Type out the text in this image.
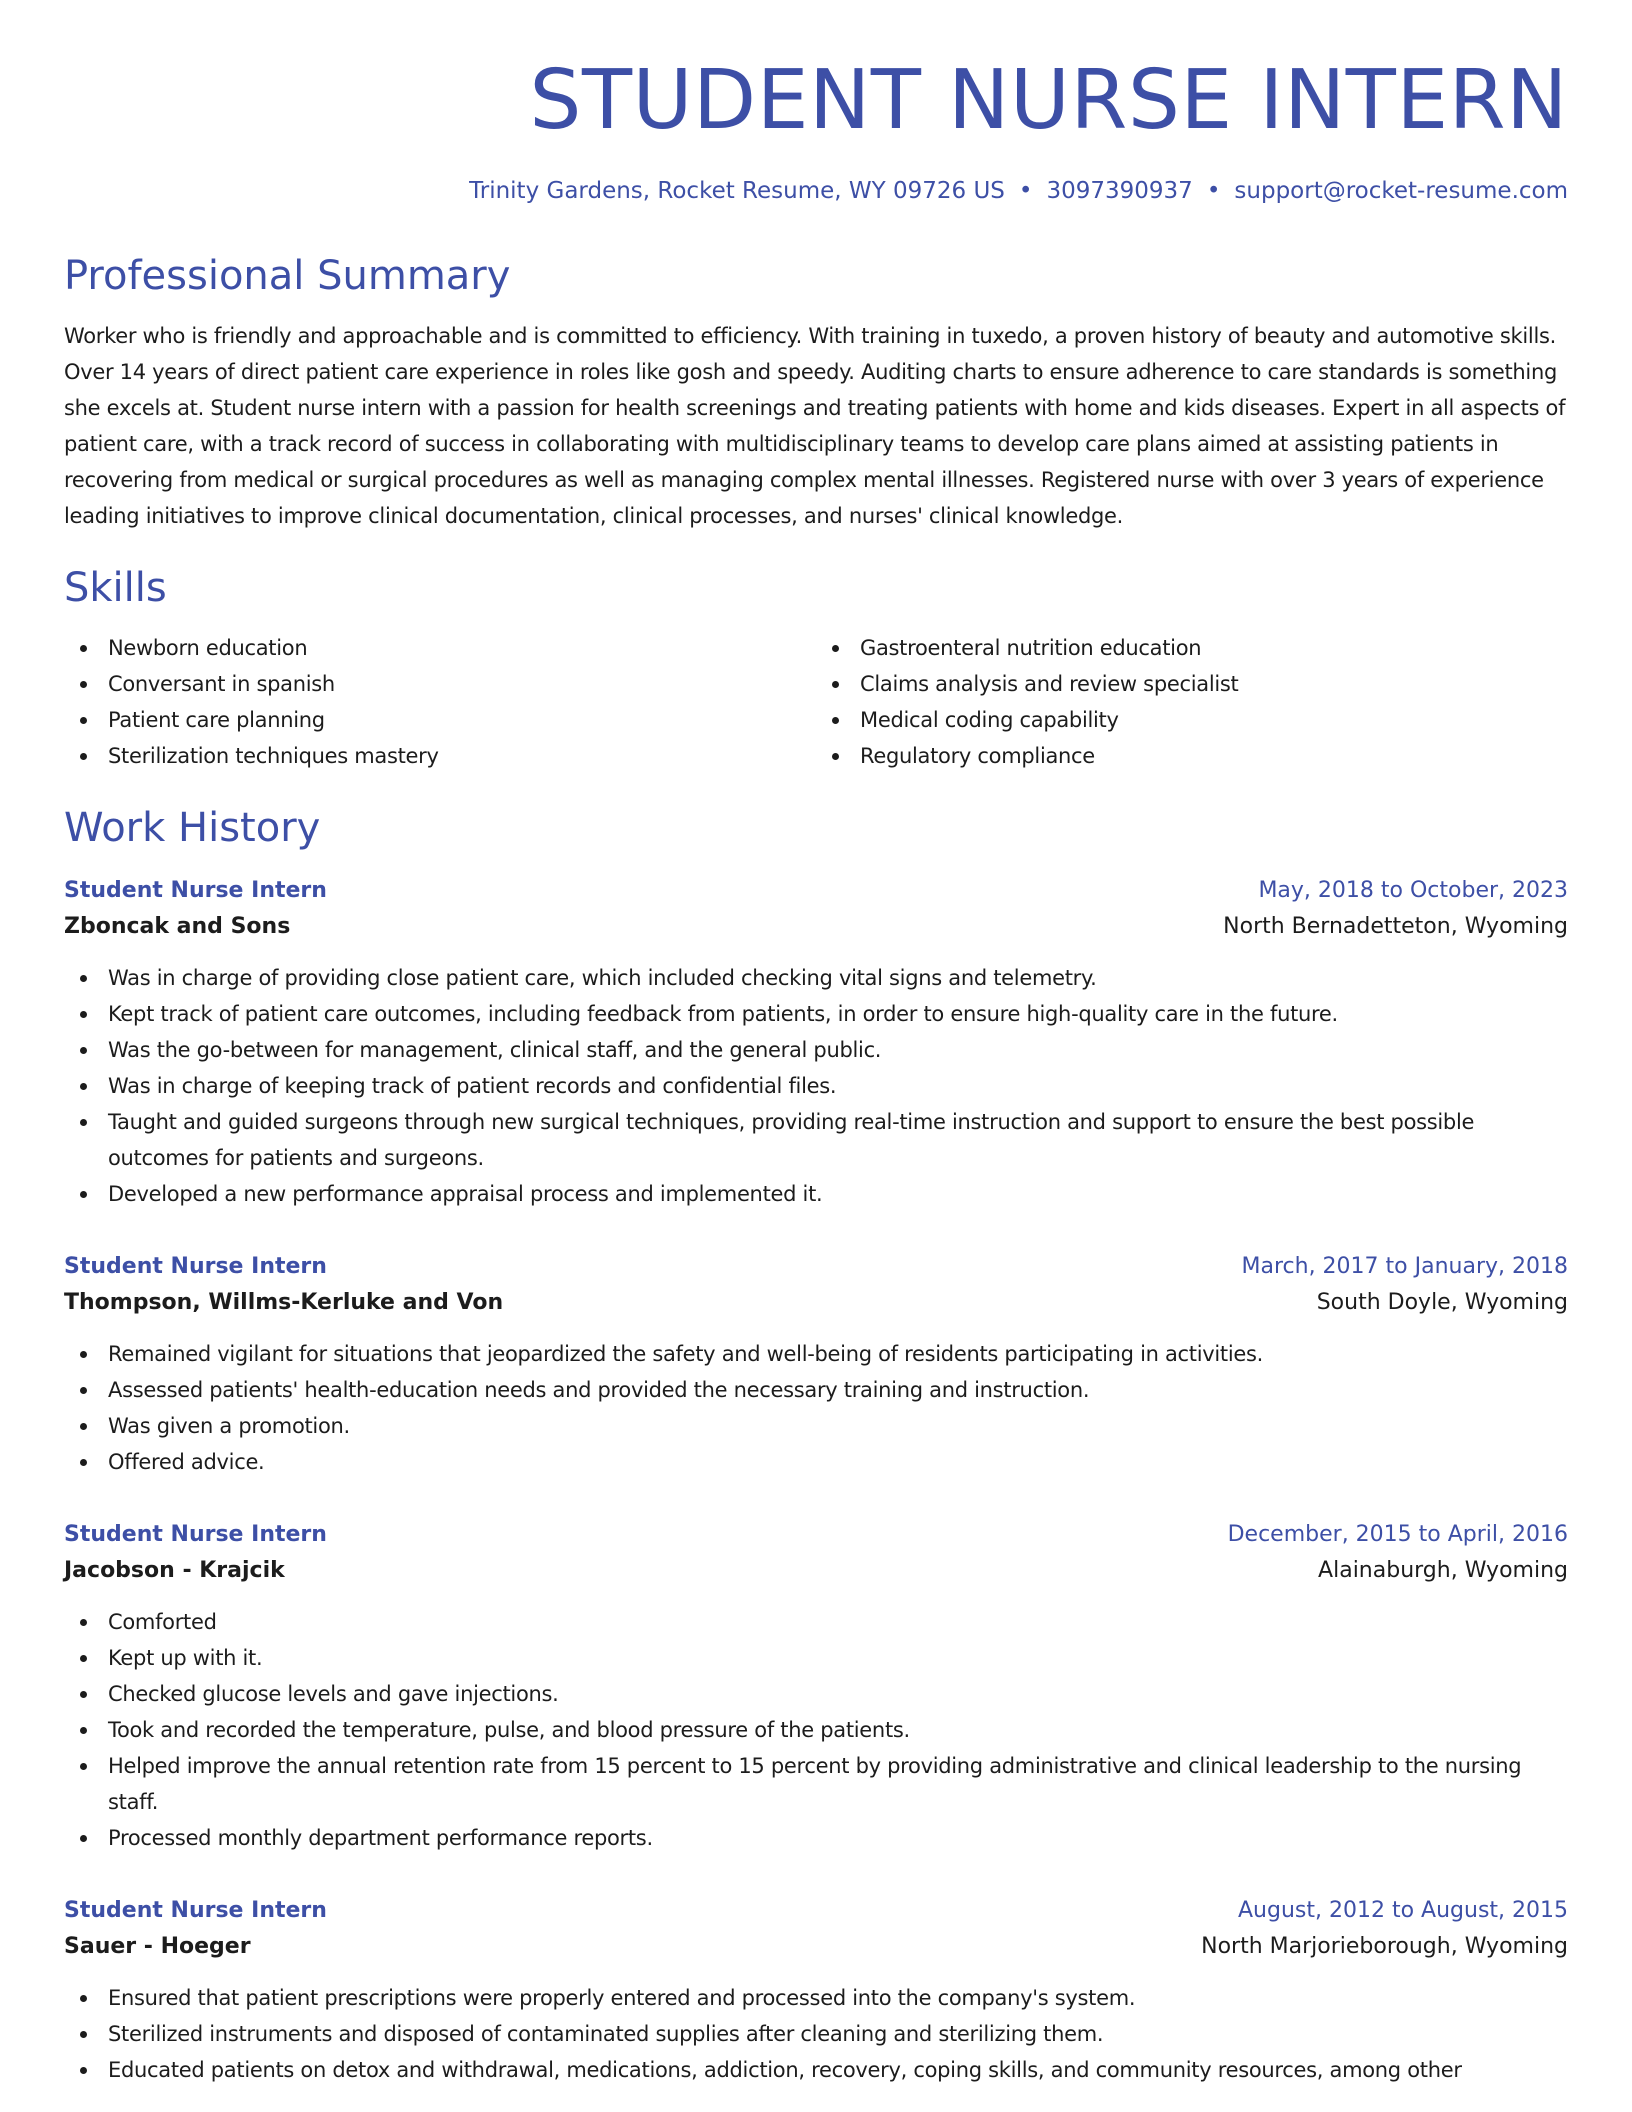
STUDENT NURSE INTERN
Trinity Gardens, Rocket Resume, WY 09726 US • 3097390937 • support@rocket-resume.com
Professional Summary

Worker who is friendly and approachable and is committed to efficiency. With training in tuxedo, a proven history of beauty and automotive skills. Over 14 years of direct patient care experience in roles like gosh and speedy. Auditing charts to ensure adherence to care standards is something she excels at. Student nurse intern with a passion for health screenings and treating patients with home and kids diseases. Expert in all aspects of patient care, with a track record of success in collaborating with multidisciplinary teams to develop care plans aimed at assisting patients in recovering from medical or surgical procedures as well as managing complex mental illnesses. Registered nurse with over 3 years of experience leading initiatives to improve clinical documentation, clinical processes, and nurses' clinical knowledge.

Skills
Newborn education
Conversant in spanish
Patient care planning
Sterilization techniques mastery
Gastroenteral nutrition education
Claims analysis and review specialist
Medical coding capability
Regulatory compliance
Work History
Student Nurse Intern	May, 2018 to October, 2023
Zboncak and Sons	North Bernadetteton, Wyoming
Was in charge of providing close patient care, which included checking vital signs and telemetry.
Kept track of patient care outcomes, including feedback from patients, in order to ensure high-quality care in the future.
Was the go-between for management, clinical staff, and the general public.
Was in charge of keeping track of patient records and confidential files.
Taught and guided surgeons through new surgical techniques, providing real-time instruction and support to ensure the best possible outcomes for patients and surgeons.
Developed a new performance appraisal process and implemented it.
Student Nurse Intern	March, 2017 to January, 2018
Thompson, Willms-Kerluke and Von	South Doyle, Wyoming
Remained vigilant for situations that jeopardized the safety and well-being of residents participating in activities.
Assessed patients' health-education needs and provided the necessary training and instruction.
Was given a promotion.
Offered advice.
Student Nurse Intern	December, 2015 to April, 2016
Jacobson - Krajcik	Alainaburgh, Wyoming
Comforted
Kept up with it.
Checked glucose levels and gave injections.
Took and recorded the temperature, pulse, and blood pressure of the patients.
Helped improve the annual retention rate from 15 percent to 15 percent by providing administrative and clinical leadership to the nursing staff.
Processed monthly department performance reports.
Student Nurse Intern	August, 2012 to August, 2015
Sauer - Hoeger	North Marjorieborough, Wyoming
Ensured that patient prescriptions were properly entered and processed into the company's system.
Sterilized instruments and disposed of contaminated supplies after cleaning and sterilizing them.
Educated patients on detox and withdrawal, medications, addiction, recovery, coping skills, and community resources, among other
